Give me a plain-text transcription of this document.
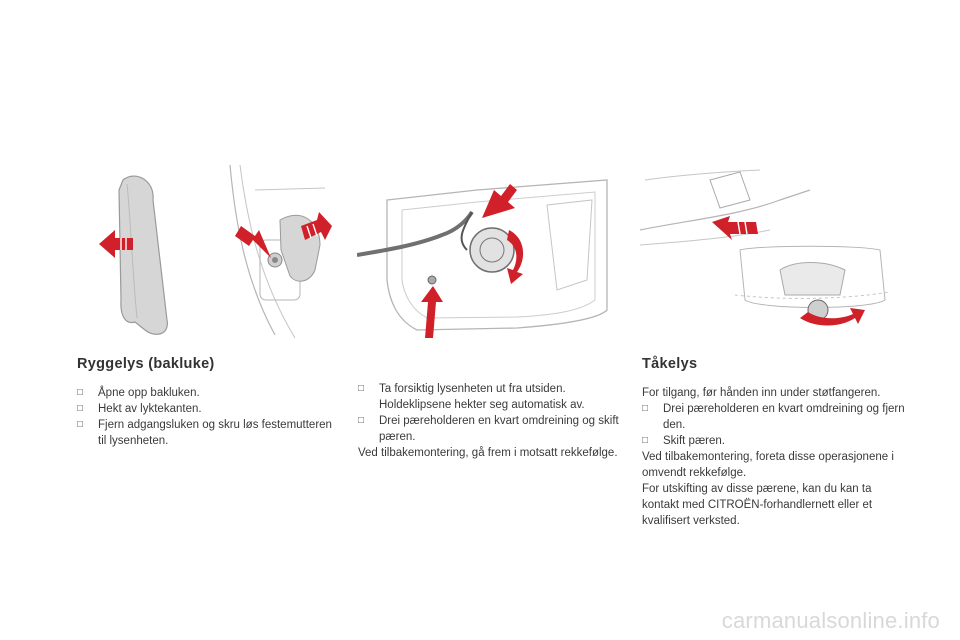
Ryggelys (bakluke)
□ Åpne opp bakluken.
□ Hekt av lyktekanten.
□ Fjern adgangsluken og skru løs festemutteren til lysenheten.
□ Ta forsiktig lysenheten ut fra utsiden. Holdeklipsene hekter seg automatisk av.
□ Drei pæreholderen en kvart omdreining og skift pæren.

Ved tilbakemontering, gå frem i motsatt rekkefølge.

Tåkelys

For tilgang, før hånden inn under støtfangeren.

□ Drei pæreholderen en kvart omdreining og fjern den.
□ Skift pæren.

Ved tilbakemontering, foreta disse operasjonene i omvendt rekkefølge.

For utskifting av disse pærene, kan du kan ta kontakt med CITROËN-forhandlernett eller et kvalifisert verksted.

carmanualsonline.info
